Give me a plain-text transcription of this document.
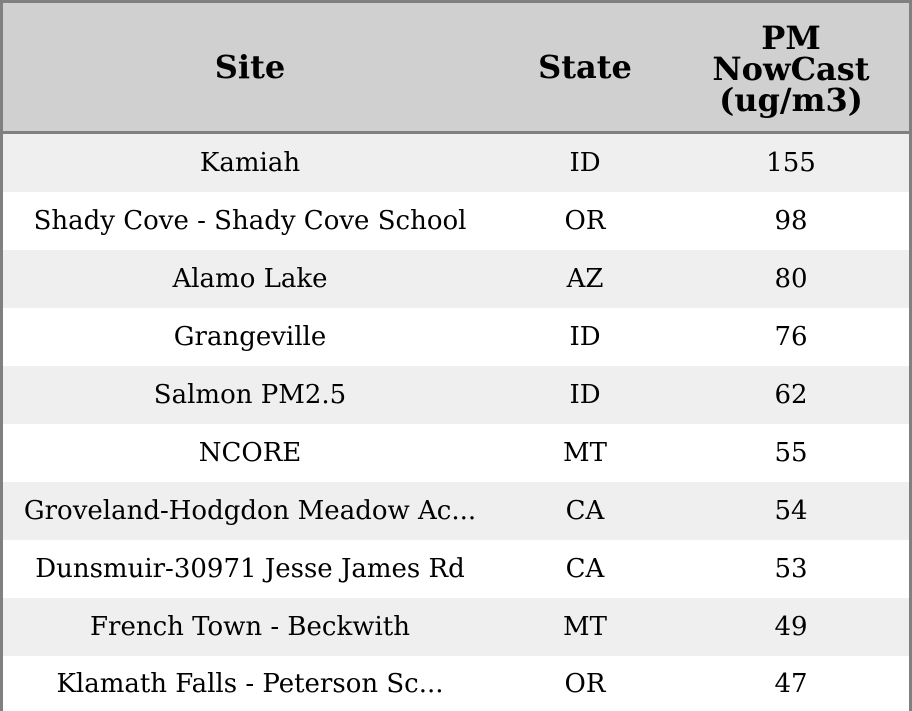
Site	State	PM
NowCast
(ug/m3)

Kamiah	ID	155
Shady Cove - Shady Cove School	OR	98
Alamo Lake	AZ	80
Grangeville	ID	76
Salmon PM2.5	ID	62
NCORE	MT	55
Groveland-Hodgdon Meadow Ac...	CA	54
Dunsmuir-30971 Jesse James Rd	CA	53
French Town - Beckwith	MT	49
Klamath Falls - Peterson Sc...	OR	47
